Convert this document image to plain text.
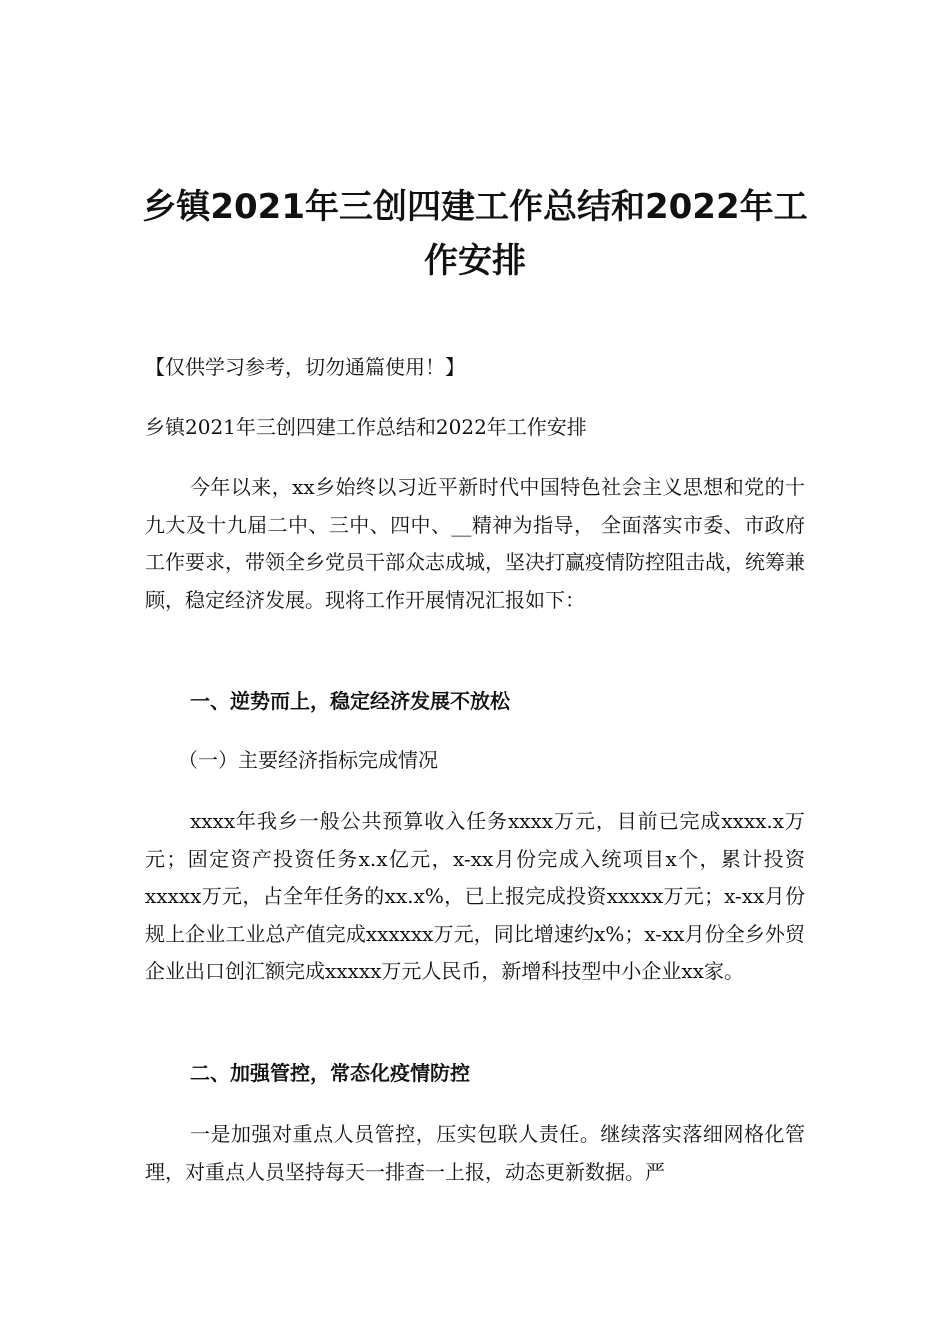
乡镇2021年三创四建工作总结和2022年工
作安排
【仅供学习参考，切勿通篇使用！】
乡镇2021年三创四建工作总结和2022年工作安排

今年以来，xx乡始终以习近平新时代中国特色社会主义思想和党的十九大及十九届二中、三中、四中、__精神为指导， 全面落实市委、市政府工作要求，带领全乡党员干部众志成城，坚决打赢疫情防控阻击战，统筹兼顾，稳定经济发展。现将工作开展情况汇报如下：

一、逆势而上，稳定经济发展不放松
（一）主要经济指标完成情况

xxxx年我乡一般公共预算收入任务xxxx万元，目前已完成xxxx.x万元；固定资产投资任务x.x亿元，x-xx月份完成入统项目x个，累计投资xxxxx万元，占全年任务的xx.x%，已上报完成投资xxxxx万元；x-xx月份规上企业工业总产值完成xxxxxx万元，同比增速约x%；x-xx月份全乡外贸企业出口创汇额完成xxxxx万元人民币，新增科技型中小企业xx家。

二、加强管控，常态化疫情防控

一是加强对重点人员管控，压实包联人责任。继续落实落细网格化管理，对重点人员坚持每天一排查一上报，动态更新数据。严
